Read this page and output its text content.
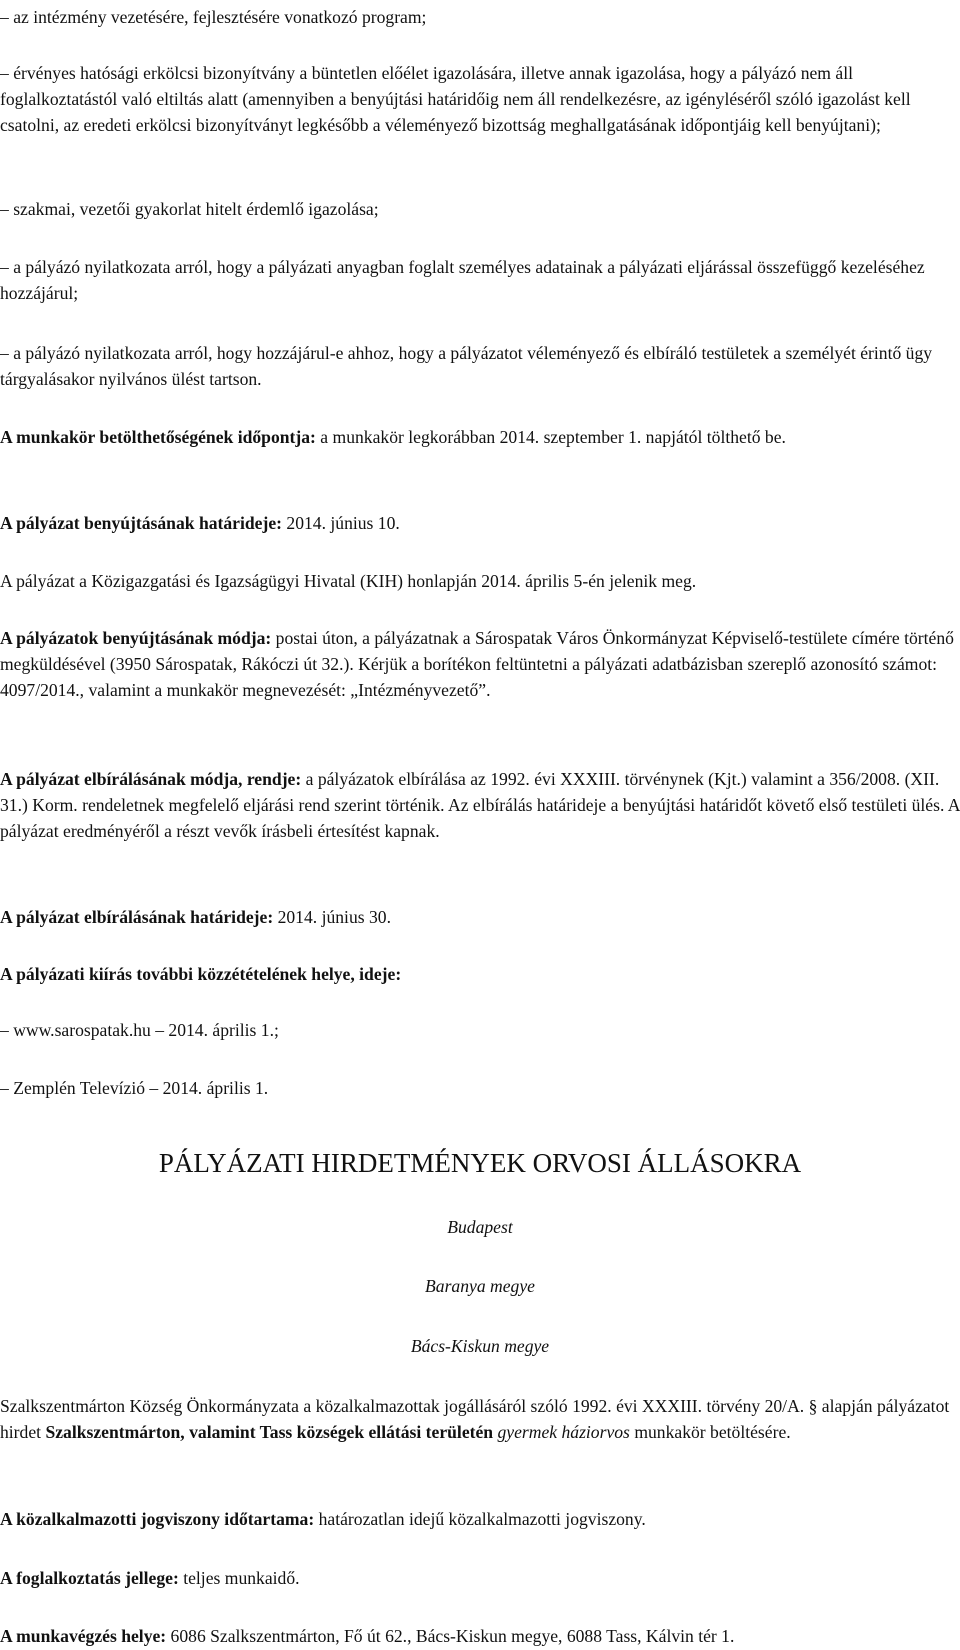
– az intézmény vezetésére, fejlesztésére vonatkozó program;

– érvényes hatósági erkölcsi bizonyítvány a büntetlen előélet igazolására, illetve annak igazolása, hogy a pályázó nem áll foglalkoztatástól való eltiltás alatt (amennyiben a benyújtási határidőig nem áll rendelkezésre, az igényléséről szóló igazolást kell csatolni, az eredeti erkölcsi bizonyítványt legkésőbb a véleményező bizottság meghallgatásának időpontjáig kell benyújtani);

– szakmai, vezetői gyakorlat hitelt érdemlő igazolása;

– a pályázó nyilatkozata arról, hogy a pályázati anyagban foglalt személyes adatainak a pályázati eljárással összefüggő kezeléséhez hozzájárul;

– a pályázó nyilatkozata arról, hogy hozzájárul-e ahhoz, hogy a pályázatot véleményező és elbíráló testületek a személyét érintő ügy tárgyalásakor nyilvános ülést tartson.

A munkakör betölthetőségének időpontja: a munkakör legkorábban 2014. szeptember 1. napjától tölthető be.

A pályázat benyújtásának határideje: 2014. június 10.

A pályázat a Közigazgatási és Igazságügyi Hivatal (KIH) honlapján 2014. április 5-én jelenik meg.

A pályázatok benyújtásának módja: postai úton, a pályázatnak a Sárospatak Város Önkormányzat Képviselő-testülete címére történő megküldésével (3950 Sárospatak, Rákóczi út 32.). Kérjük a borítékon feltüntetni a pályázati adatbázisban szereplő azonosító számot: 4097/2014., valamint a munkakör megnevezését: „Intézményvezető”.

A pályázat elbírálásának módja, rendje: a pályázatok elbírálása az 1992. évi XXXIII. törvénynek (Kjt.) valamint a 356/2008. (XII. 31.) Korm. rendeletnek megfelelő eljárási rend szerint történik. Az elbírálás határideje a benyújtási határidőt követő első testületi ülés. A pályázat eredményéről a részt vevők írásbeli értesítést kapnak.

A pályázat elbírálásának határideje: 2014. június 30.

A pályázati kiírás további közzétételének helye, ideje:

– www.sarospatak.hu – 2014. április 1.;

– Zemplén Televízió – 2014. április 1.

PÁLYÁZATI HIRDETMÉNYEK ORVOSI ÁLLÁSOKRA

Budapest

Baranya megye

Bács-Kiskun megye

Szalkszentmárton Község Önkormányzata a közalkalmazottak jogállásáról szóló 1992. évi XXXIII. törvény 20/A. § alapján pályázatot hirdet Szalkszentmárton, valamint Tass községek ellátási területén gyermek háziorvos munkakör betöltésére.

A közalkalmazotti jogviszony időtartama: határozatlan idejű közalkalmazotti jogviszony.

A foglalkoztatás jellege: teljes munkaidő.

A munkavégzés helye: 6086 Szalkszentmárton, Fő út 62., Bács-Kiskun megye, 6088 Tass, Kálvin tér 1.
